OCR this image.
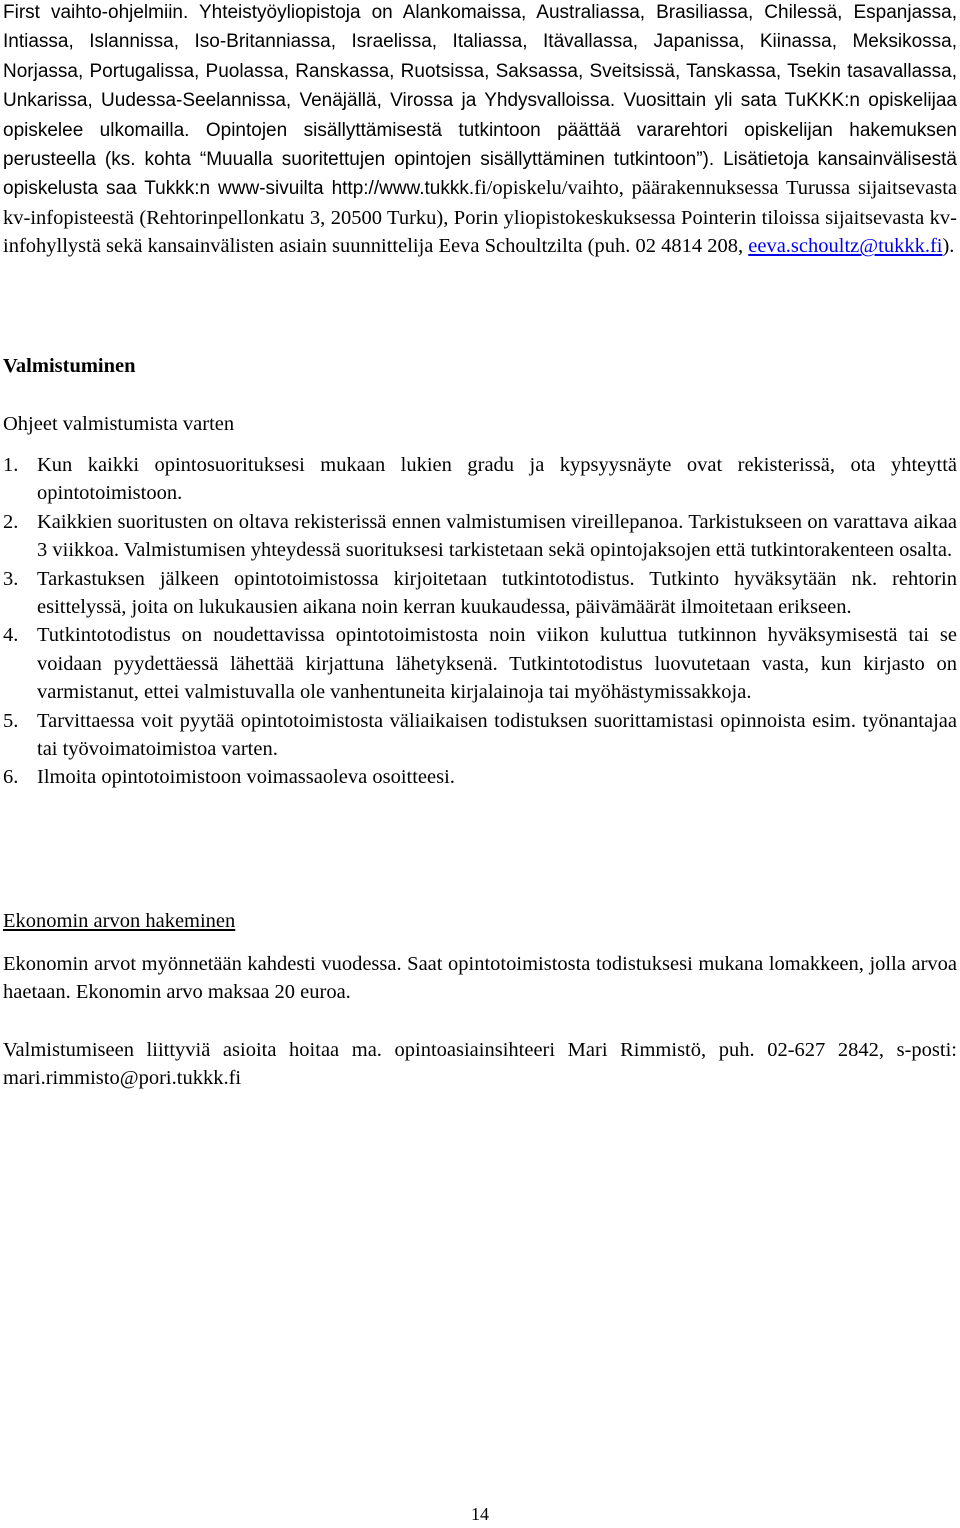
First vaihto-ohjelmiin. Yhteistyöyliopistoja on Alankomaissa, Australiassa, Brasiliassa, Chilessä, Espanjassa, Intiassa, Islannissa, Iso-Britanniassa, Israelissa, Italiassa, Itävallassa, Japanissa, Kiinassa, Meksikossa, Norjassa, Portugalissa, Puolassa, Ranskassa, Ruotsissa, Saksassa, Sveitsissä, Tanskassa, Tsekin tasavallassa, Unkarissa, Uudessa-Seelannissa, Venäjällä, Virossa ja Yhdysvalloissa. Vuosittain yli sata TuKKK:n opiskelijaa opiskelee ulkomailla. Opintojen sisällyttämisestä tutkintoon päättää vararehtori opiskelijan hakemuksen perusteella (ks. kohta “Muualla suoritettujen opintojen sisällyttäminen tutkintoon”). Lisätietoja kansainvälisestä opiskelusta saa Tukkk:n www-sivuilta http://www.tukkk.fi/opiskelu/vaihto, päärakennuksessa Turussa sijaitsevasta kv-infopisteestä (Rehtorinpellonkatu 3, 20500 Turku), Porin yliopistokeskuksessa Pointerin tiloissa sijaitsevasta kv-infohyllystä sekä kansainvälisten asiain suunnittelija Eeva Schoultzilta (puh. 02 4814 208, eeva.schoultz@tukkk.fi).

Valmistuminen

Ohjeet valmistumista varten

1. Kun kaikki opintosuorituksesi mukaan lukien gradu ja kypsyysnäyte ovat rekisterissä, ota yhteyttä opintotoimistoon.
2. Kaikkien suoritusten on oltava rekisterissä ennen valmistumisen vireillepanoa. Tarkistukseen on varattava aikaa 3 viikkoa. Valmistumisen yhteydessä suorituksesi tarkistetaan sekä opintojaksojen että tutkintorakenteen osalta.
3. Tarkastuksen jälkeen opintotoimistossa kirjoitetaan tutkintotodistus. Tutkinto hyväksytään nk. rehtorin esittelyssä, joita on lukukausien aikana noin kerran kuukaudessa, päivämäärät ilmoitetaan erikseen.
4. Tutkintotodistus on noudettavissa opintotoimistosta noin viikon kuluttua tutkinnon hyväksymisestä tai se voidaan pyydettäessä lähettää kirjattuna lähetyksenä. Tutkintotodistus luovutetaan vasta, kun kirjasto on varmistanut, ettei valmistuvalla ole vanhentuneita kirjalainoja tai myöhästymissakkoja.
5. Tarvittaessa voit pyytää opintotoimistosta väliaikaisen todistuksen suorittamistasi opinnoista esim. työnantajaa tai työvoimatoimistoa varten.
6. Ilmoita opintotoimistoon voimassaoleva osoitteesi.

Ekonomin arvon hakeminen

Ekonomin arvot myönnetään kahdesti vuodessa. Saat opintotoimistosta todistuksesi mukana lomakkeen, jolla arvoa haetaan. Ekonomin arvo maksaa 20 euroa.

Valmistumiseen liittyviä asioita hoitaa ma. opintoasiainsihteeri Mari Rimmistö, puh. 02-627 2842, s-posti: mari.rimmisto@pori.tukkk.fi

14
